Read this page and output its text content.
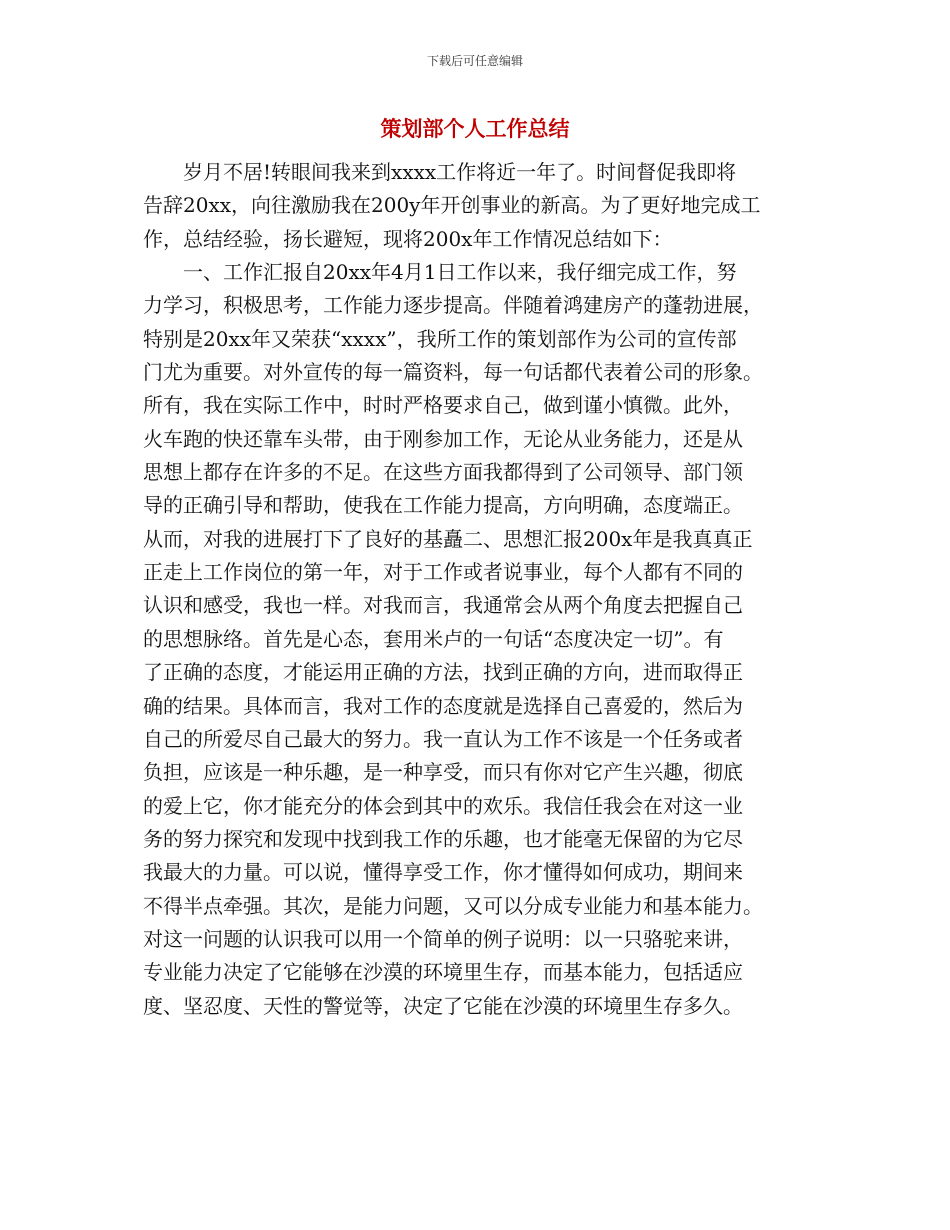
下载后可任意编辑
策划部个人工作总结
岁月不居!转眼间我来到xxxx工作将近一年了。时间督促我即将
告辞20xx，向往激励我在200y年开创事业的新高。为了更好地完成工
作，总结经验，扬长避短，现将200x年工作情况总结如下：
一、工作汇报自20xx年4月1日工作以来，我仔细完成工作，努
力学习，积极思考，工作能力逐步提高。伴随着鸿建房产的蓬勃进展，
特别是20xx年又荣获“xxxx”，我所工作的策划部作为公司的宣传部
门尤为重要。对外宣传的每一篇资料，每一句话都代表着公司的形象。
所有，我在实际工作中，时时严格要求自己，做到谨小慎微。此外，
火车跑的快还靠车头带，由于刚参加工作，无论从业务能力，还是从
思想上都存在许多的不足。在这些方面我都得到了公司领导、部门领
导的正确引导和帮助，使我在工作能力提高，方向明确，态度端正。
从而，对我的进展打下了良好的基矗二、思想汇报200x年是我真真正
正走上工作岗位的第一年，对于工作或者说事业，每个人都有不同的
认识和感受，我也一样。对我而言，我通常会从两个角度去把握自己
的思想脉络。首先是心态，套用米卢的一句话“态度决定一切”。有
了正确的态度，才能运用正确的方法，找到正确的方向，进而取得正
确的结果。具体而言，我对工作的态度就是选择自己喜爱的，然后为
自己的所爱尽自己最大的努力。我一直认为工作不该是一个任务或者
负担，应该是一种乐趣，是一种享受，而只有你对它产生兴趣，彻底
的爱上它，你才能充分的体会到其中的欢乐。我信任我会在对这一业
务的努力探究和发现中找到我工作的乐趣，也才能毫无保留的为它尽
我最大的力量。可以说，懂得享受工作，你才懂得如何成功，期间来
不得半点牵强。其次，是能力问题，又可以分成专业能力和基本能力。
对这一问题的认识我可以用一个简单的例子说明：以一只骆驼来讲，
专业能力决定了它能够在沙漠的环境里生存，而基本能力，包括适应
度、坚忍度、天性的警觉等，决定了它能在沙漠的环境里生存多久。
